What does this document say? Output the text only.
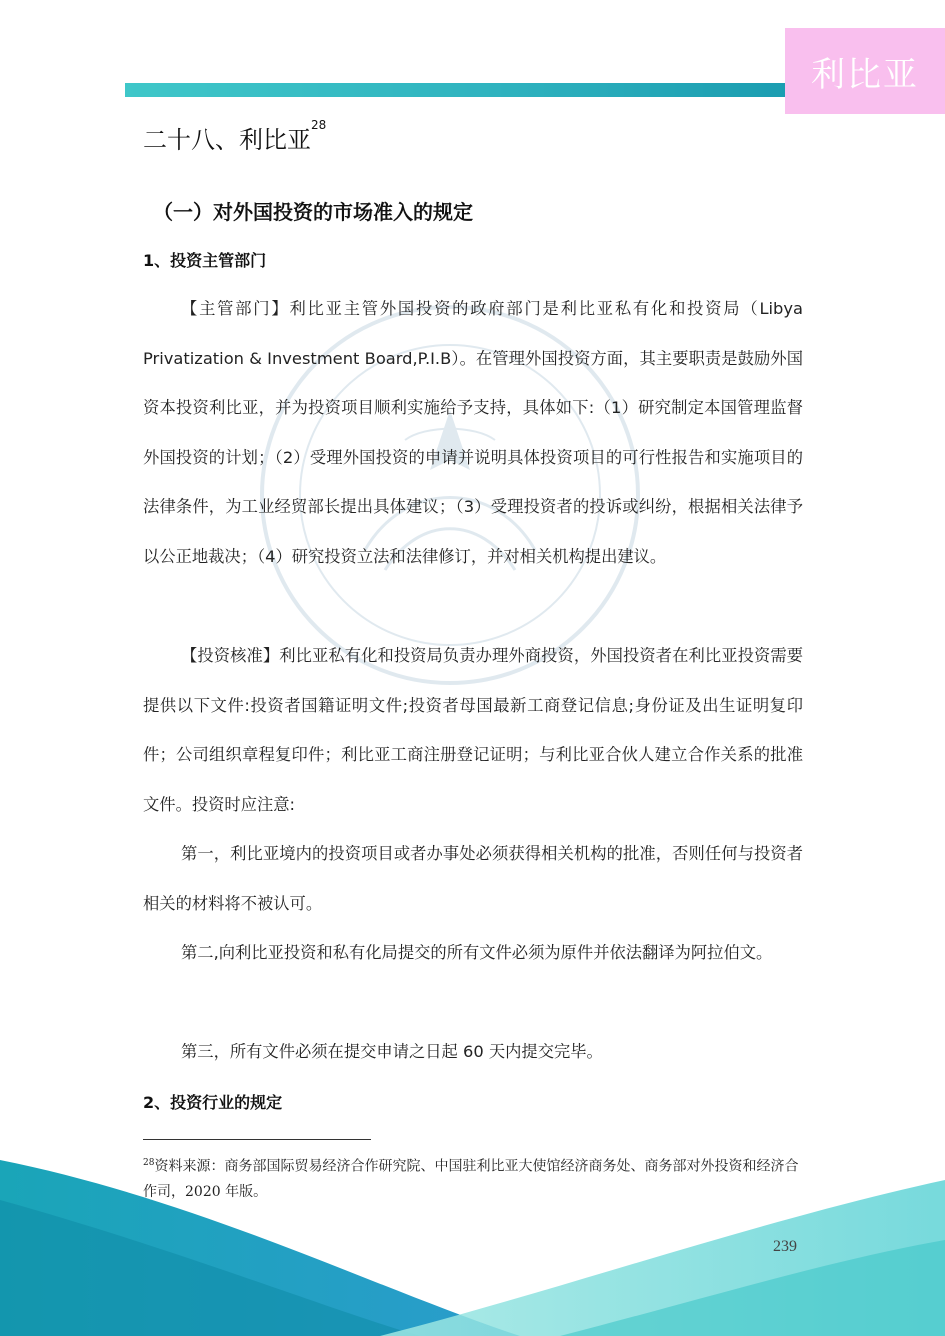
利比亚
二十八、利比亚$^{28}$
（一）对外国投资的市场准入的规定
1、投资主管部门

【主管部门】利比亚主管外国投资的政府部门是利比亚私有化和投资局（Libya Privatization & Investment Board,P.I.B）。在管理外国投资方面，其主要职责是鼓励外国资本投资利比亚，并为投资项目顺利实施给予支持，具体如下:（1）研究制定本国管理监督外国投资的计划；（2）受理外国投资的申请并说明具体投资项目的可行性报告和实施项目的法律条件，为工业经贸部长提出具体建议；（3）受理投资者的投诉或纠纷，根据相关法律予以公正地裁决；（4）研究投资立法和法律修订，并对相关机构提出建议。

【投资核准】利比亚私有化和投资局负责办理外商投资，外国投资者在利比亚投资需要提供以下文件:投资者国籍证明文件;投资者母国最新工商登记信息;身份证及出生证明复印件；公司组织章程复印件；利比亚工商注册登记证明；与利比亚合伙人建立合作关系的批准文件。投资时应注意:

第一，利比亚境内的投资项目或者办事处必须获得相关机构的批准，否则任何与投资者相关的材料将不被认可。

第二,向利比亚投资和私有化局提交的所有文件必须为原件并依法翻译为阿拉伯文。

第三，所有文件必须在提交申请之日起 60 天内提交完毕。

2、投资行业的规定

$^{28}$资料来源：商务部国际贸易经济合作研究院、中国驻利比亚大使馆经济商务处、商务部对外投资和经济合作司，2020 年版。

239
